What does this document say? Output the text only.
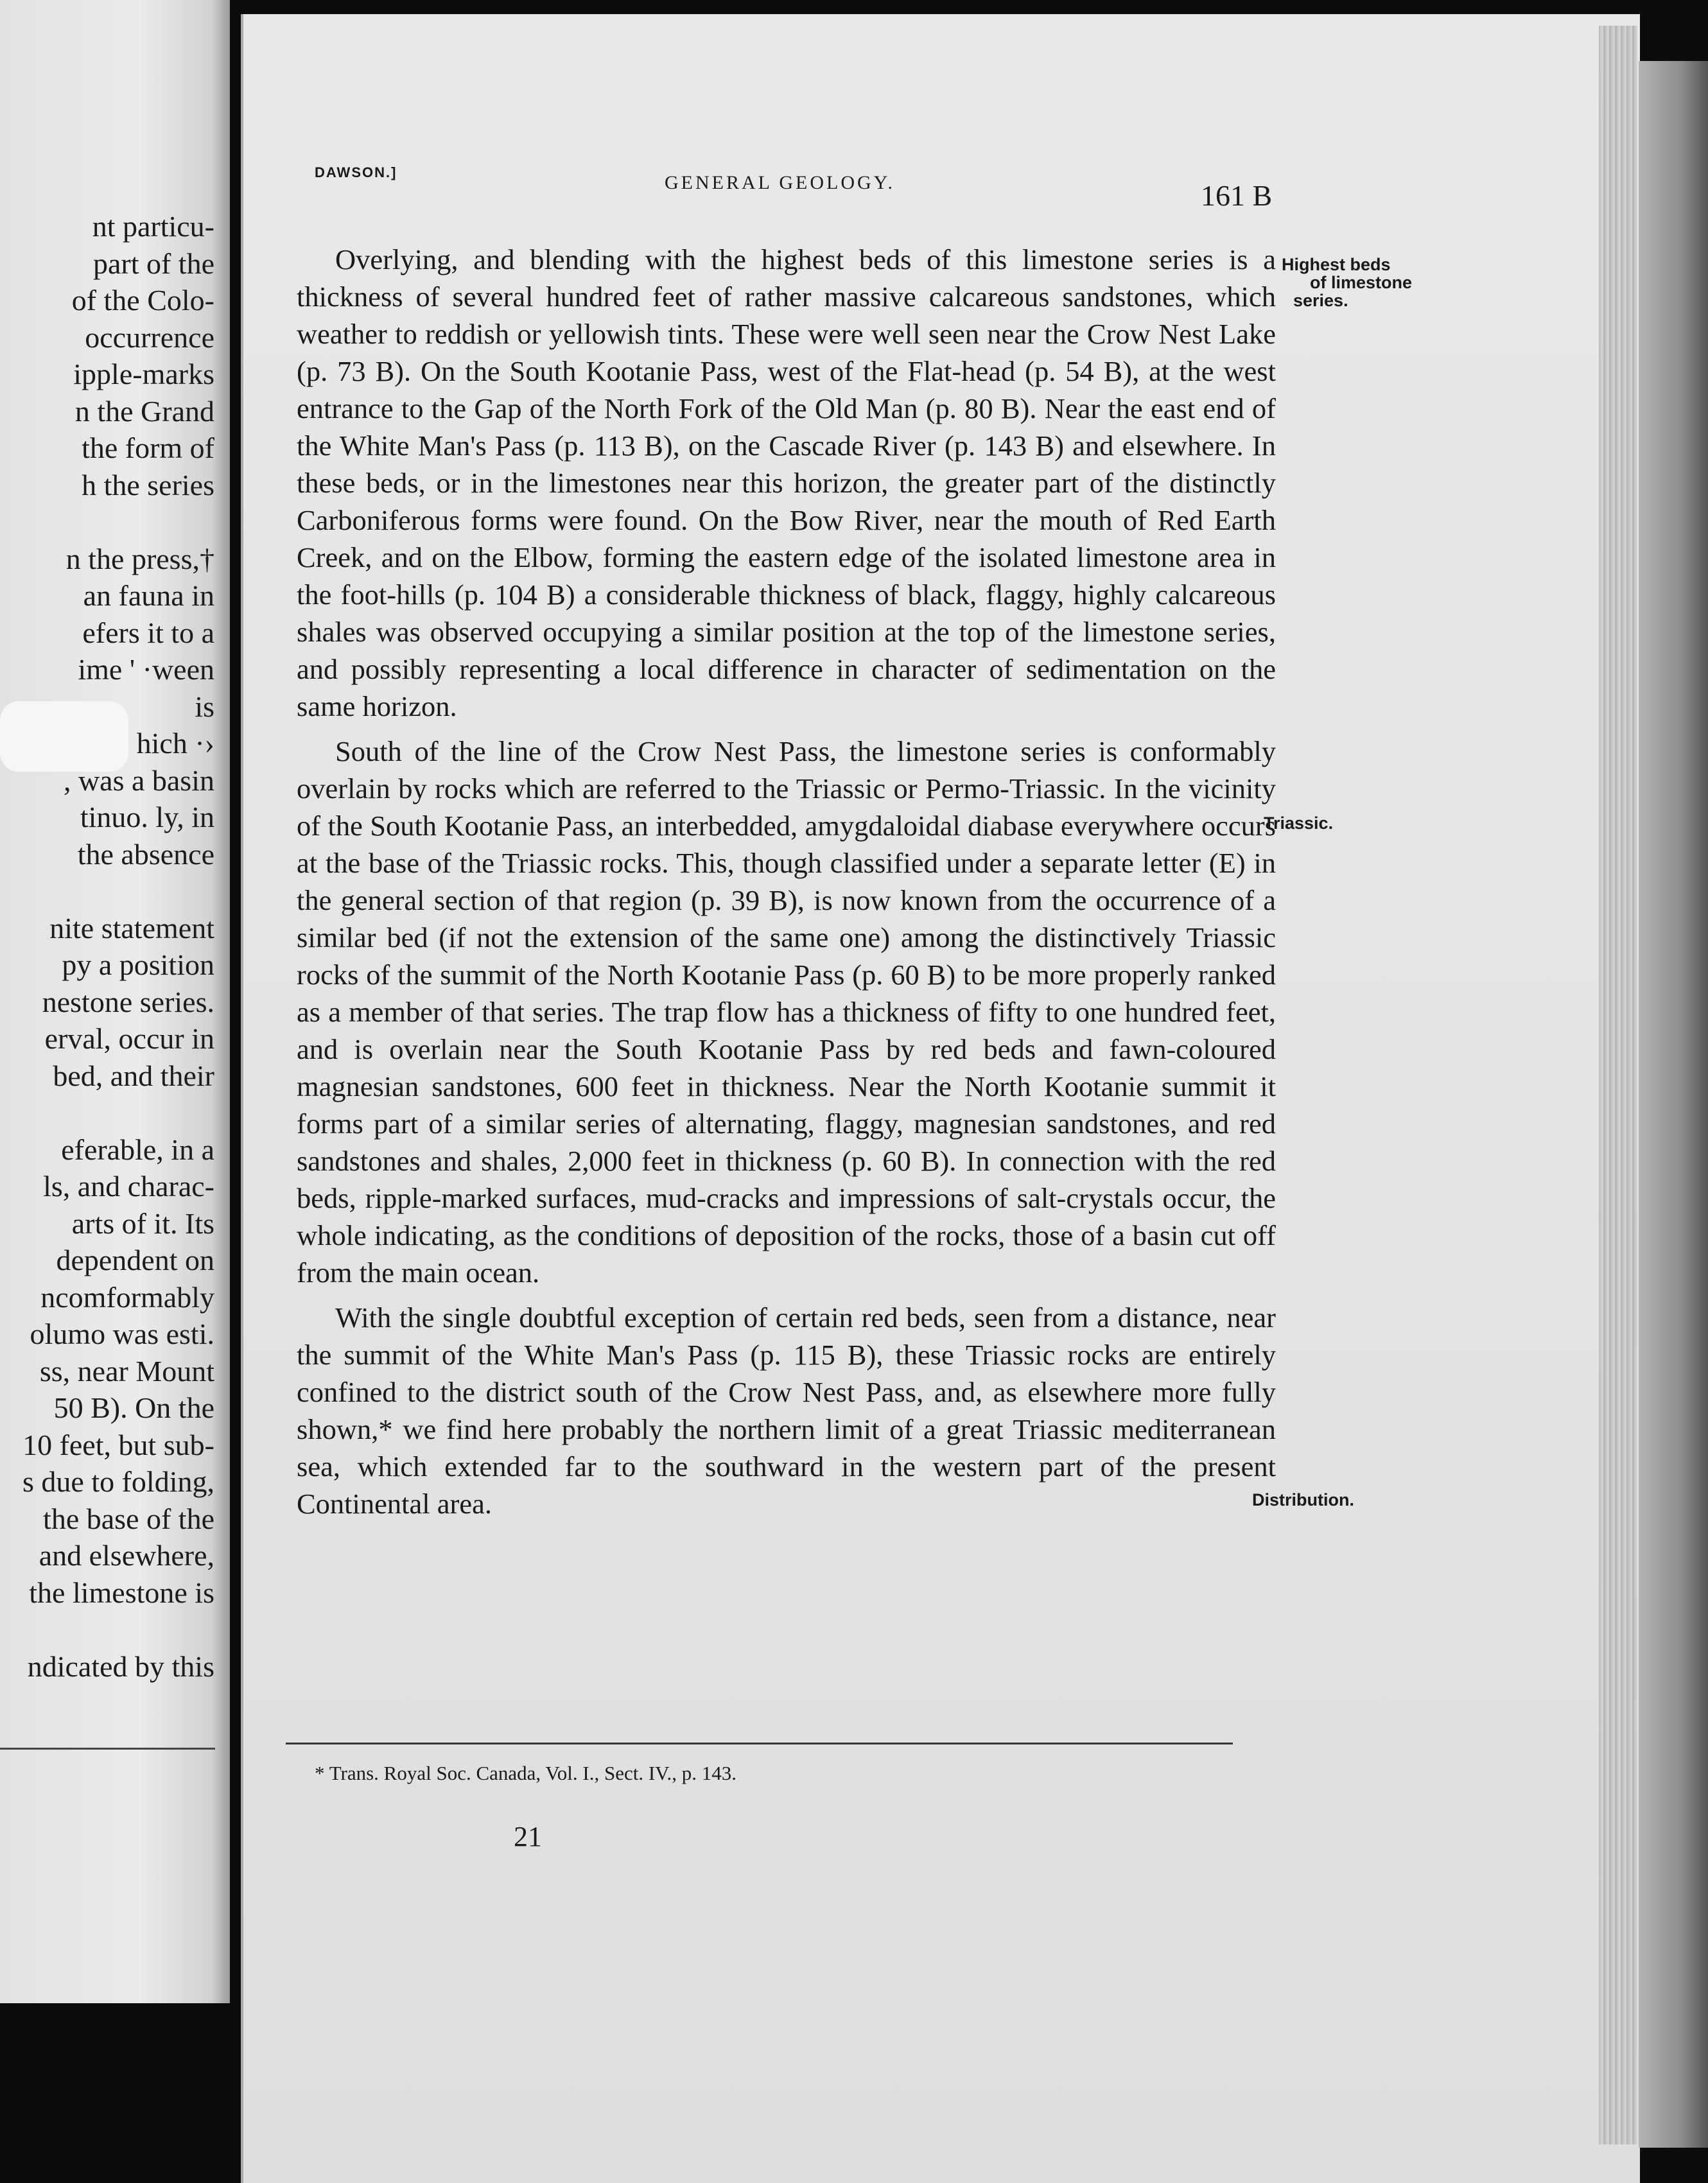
nt particu-
part of the
of the Colo-
occurrence
ipple-marks
n the Grand
the form of
h the series
n the press,†
an fauna in
efers it to a
ime ' ·ween
is
hich ·›
, was a basin
tinuo. ly, in
the absence
nite statement
py a position
nestone series.
erval, occur in
bed, and their
eferable, in a
ls, and charac-
arts of it. Its
dependent on
ncomformably
olumo was esti.
ss, near Mount
50 B). On the
10 feet, but sub-
s due to folding,
the base of the
and elsewhere,
the limestone is
ndicated by this
DAWSON.]	GENERAL GEOLOGY.	161 B

Overlying, and blending with the highest beds of this limestone series is a thickness of several hundred feet of rather massive calcareous sandstones, which weather to reddish or yellowish tints. These were well seen near the Crow Nest Lake (p. 73 B). On the South Kootanie Pass, west of the Flat-head (p. 54 B), at the west entrance to the Gap of the North Fork of the Old Man (p. 80 B). Near the east end of the White Man's Pass (p. 113 B), on the Cascade River (p. 143 B) and elsewhere. In these beds, or in the limestones near this horizon, the greater part of the distinctly Carboniferous forms were found. On the Bow River, near the mouth of Red Earth Creek, and on the Elbow, forming the eastern edge of the isolated limestone area in the foot-hills (p. 104 B) a considerable thickness of black, flaggy, highly calcareous shales was observed occupying a similar position at the top of the limestone series, and possibly representing a local difference in character of sedimentation on the same horizon.

South of the line of the Crow Nest Pass, the limestone series is conformably overlain by rocks which are referred to the Triassic or Permo-Triassic. In the vicinity of the South Kootanie Pass, an interbedded, amygdaloidal diabase everywhere occurs at the base of the Triassic rocks. This, though classified under a separate letter (E) in the general section of that region (p. 39 B), is now known from the occurrence of a similar bed (if not the extension of the same one) among the distinctively Triassic rocks of the summit of the North Kootanie Pass (p. 60 B) to be more properly ranked as a member of that series. The trap flow has a thickness of fifty to one hundred feet, and is overlain near the South Kootanie Pass by red beds and fawn-coloured magnesian sandstones, 600 feet in thickness. Near the North Kootanie summit it forms part of a similar series of alternating, flaggy, magnesian sandstones, and red sandstones and shales, 2,000 feet in thickness (p. 60 B). In connection with the red beds, ripple-marked surfaces, mud-cracks and impressions of salt-crystals occur, the whole indicating, as the conditions of deposition of the rocks, those of a basin cut off from the main ocean.

With the single doubtful exception of certain red beds, seen from a distance, near the summit of the White Man's Pass (p. 115 B), these Triassic rocks are entirely confined to the district south of the Crow Nest Pass, and, as elsewhere more fully shown,* we find here probably the northern limit of a great Triassic mediterranean sea, which extended far to the southward in the western part of the present Continental area.

Highest beds
of limestone
series.
Triassic.
Distribution.
* Trans. Royal Soc. Canada, Vol. I., Sect. IV., p. 143.
21
